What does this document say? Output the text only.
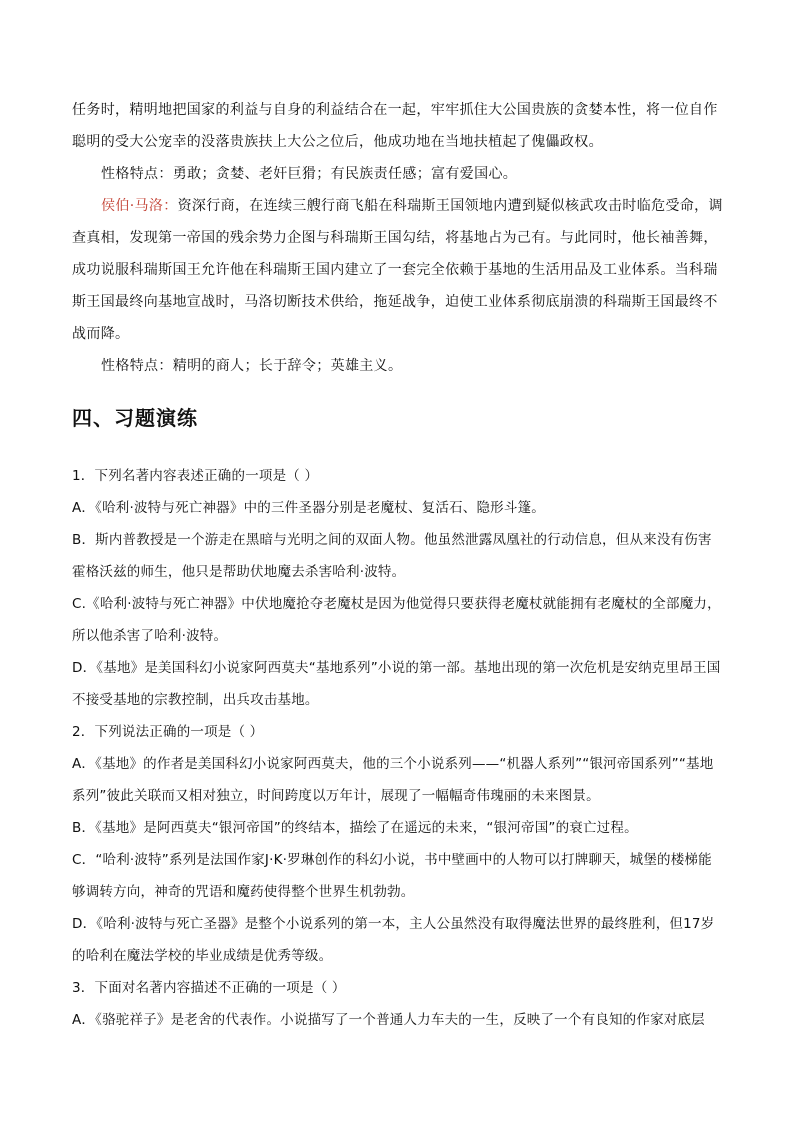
任务时，精明地把国家的利益与自身的利益结合在一起，牢牢抓住大公国贵族的贪婪本性，将一位自作聪明的受大公宠幸的没落贵族扶上大公之位后，他成功地在当地扶植起了傀儡政权。
性格特点：勇敢；贪婪、老奸巨猾；有民族责任感；富有爱国心。
侯伯·马洛：资深行商，在连续三艘行商飞船在科瑞斯王国领地内遭到疑似核武攻击时临危受命，调查真相，发现第一帝国的残余势力企图与科瑞斯王国勾结，将基地占为己有。与此同时，他长袖善舞，成功说服科瑞斯国王允许他在科瑞斯王国内建立了一套完全依赖于基地的生活用品及工业体系。当科瑞斯王国最终向基地宣战时，马洛切断技术供给，拖延战争，迫使工业体系彻底崩溃的科瑞斯王国最终不战而降。
性格特点：精明的商人；长于辞令；英雄主义。
四、习题演练
1．下列名著内容表述正确的一项是（ ）
A．《哈利·波特与死亡神器》中的三件圣器分别是老魔杖、复活石、隐形斗篷。
B．斯内普教授是一个游走在黑暗与光明之间的双面人物。他虽然泄露凤凰社的行动信息，但从来没有伤害霍格沃兹的师生，他只是帮助伏地魔去杀害哈利·波特。
C.《哈利·波特与死亡神器》中伏地魔抢夺老魔杖是因为他觉得只要获得老魔杖就能拥有老魔杖的全部魔力，所以他杀害了哈利·波特。
D．《基地》是美国科幻小说家阿西莫夫“基地系列”小说的第一部。基地出现的第一次危机是安纳克里昂王国不接受基地的宗教控制，出兵攻击基地。
2．下列说法正确的一项是（ ）
A．《基地》的作者是美国科幻小说家阿西莫夫，他的三个小说系列——“机器人系列”“银河帝国系列”“基地系列”彼此关联而又相对独立，时间跨度以万年计，展现了一幅幅奇伟瑰丽的未来图景。
B．《基地》是阿西莫夫“银河帝国”的终结本，描绘了在遥远的未来，“银河帝国”的衰亡过程。
C．“哈利·波特”系列是法国作家J·K·罗琳创作的科幻小说，书中壁画中的人物可以打牌聊天，城堡的楼梯能够调转方向，神奇的咒语和魔药使得整个世界生机勃勃。
D．《哈利·波特与死亡圣器》是整个小说系列的第一本，主人公虽然没有取得魔法世界的最终胜利，但17岁的哈利在魔法学校的毕业成绩是优秀等级。
3．下面对名著内容描述不正确的一项是（ ）
A．《骆驼祥子》是老舍的代表作。小说描写了一个普通人力车夫的一生，反映了一个有良知的作家对底层
